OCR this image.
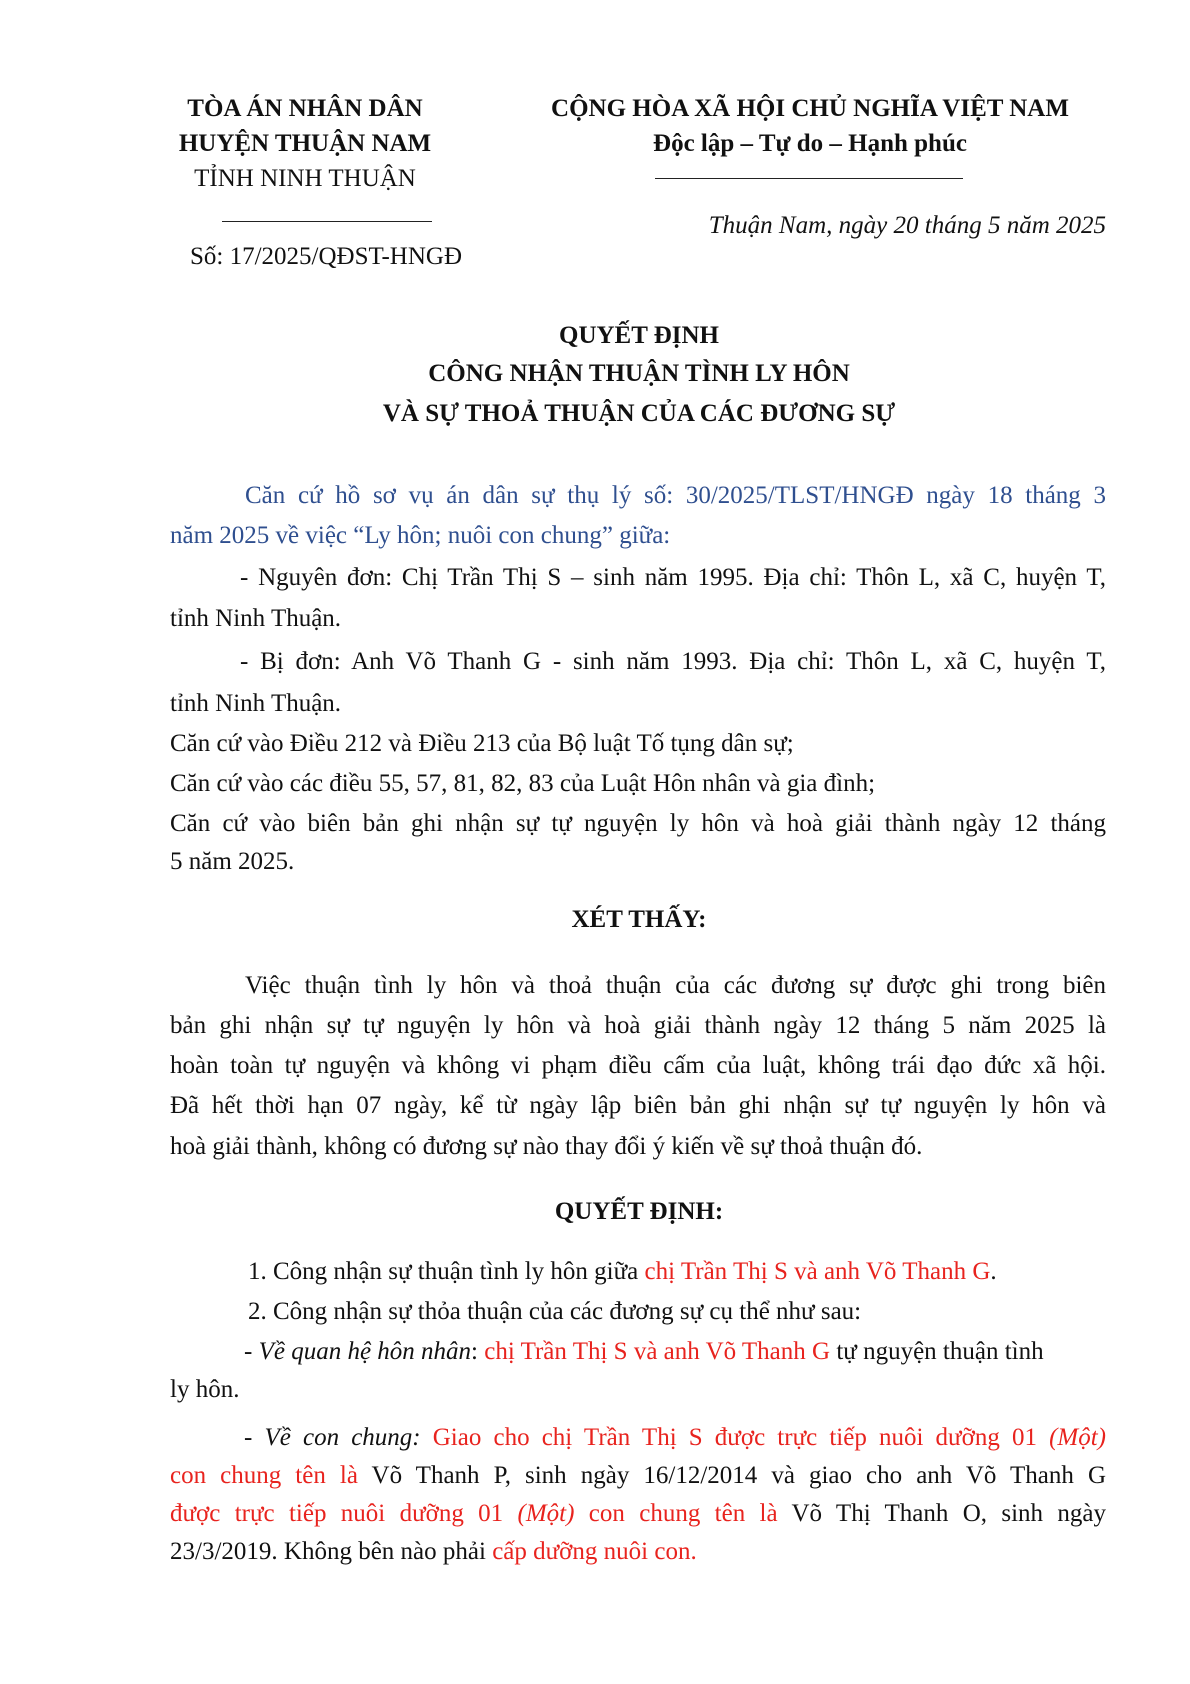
TÒA ÁN NHÂN DÂN
HUYỆN THUẬN NAM
TỈNH NINH THUẬN
Số: 17/2025/QĐST-HNGĐ
CỘNG HÒA XÃ HỘI CHỦ NGHĨA VIỆT NAM
Độc lập – Tự do – Hạnh phúc
Thuận Nam, ngày 20 tháng 5 năm 2025
QUYẾT ĐỊNH
CÔNG NHẬN THUẬN TÌNH LY HÔN
VÀ SỰ THOẢ THUẬN CỦA CÁC ĐƯƠNG SỰ
Căn cứ hồ sơ vụ án dân sự thụ lý số: 30/2025/TLST/HNGĐ ngày 18 tháng 3
năm 2025 về việc “Ly hôn; nuôi con chung” giữa:
- Nguyên đơn: Chị Trần Thị S – sinh năm 1995. Địa chỉ: Thôn L, xã C, huyện T,
tỉnh Ninh Thuận.
- Bị đơn: Anh Võ Thanh G - sinh năm 1993. Địa chỉ: Thôn L, xã C, huyện T,
tỉnh Ninh Thuận.
Căn cứ vào Điều 212 và Điều 213 của Bộ luật Tố tụng dân sự;
Căn cứ vào các điều 55, 57, 81, 82, 83 của Luật Hôn nhân và gia đình;
Căn cứ vào biên bản ghi nhận sự tự nguyện ly hôn và hoà giải thành ngày 12 tháng
5 năm 2025.
XÉT THẤY:
Việc thuận tình ly hôn và thoả thuận của các đương sự được ghi trong biên
bản ghi nhận sự tự nguyện ly hôn và hoà giải thành ngày 12 tháng 5 năm 2025 là
hoàn toàn tự nguyện và không vi phạm điều cấm của luật, không trái đạo đức xã hội.
Đã hết thời hạn 07 ngày, kể từ ngày lập biên bản ghi nhận sự tự nguyện ly hôn và
hoà giải thành, không có đương sự nào thay đổi ý kiến về sự thoả thuận đó.
QUYẾT ĐỊNH:
1. Công nhận sự thuận tình ly hôn giữa chị Trần Thị S và anh Võ Thanh G.
2. Công nhận sự thỏa thuận của các đương sự cụ thể như sau:
- Về quan hệ hôn nhân: chị Trần Thị S và anh Võ Thanh G tự nguyện thuận tình
ly hôn.
- Về con chung: Giao cho chị Trần Thị S được trực tiếp nuôi dưỡng 01 (Một)
con chung tên là Võ Thanh P, sinh ngày 16/12/2014 và giao cho anh Võ Thanh G
được trực tiếp nuôi dưỡng 01 (Một) con chung tên là Võ Thị Thanh O, sinh ngày
23/3/2019. Không bên nào phải cấp dưỡng nuôi con.
